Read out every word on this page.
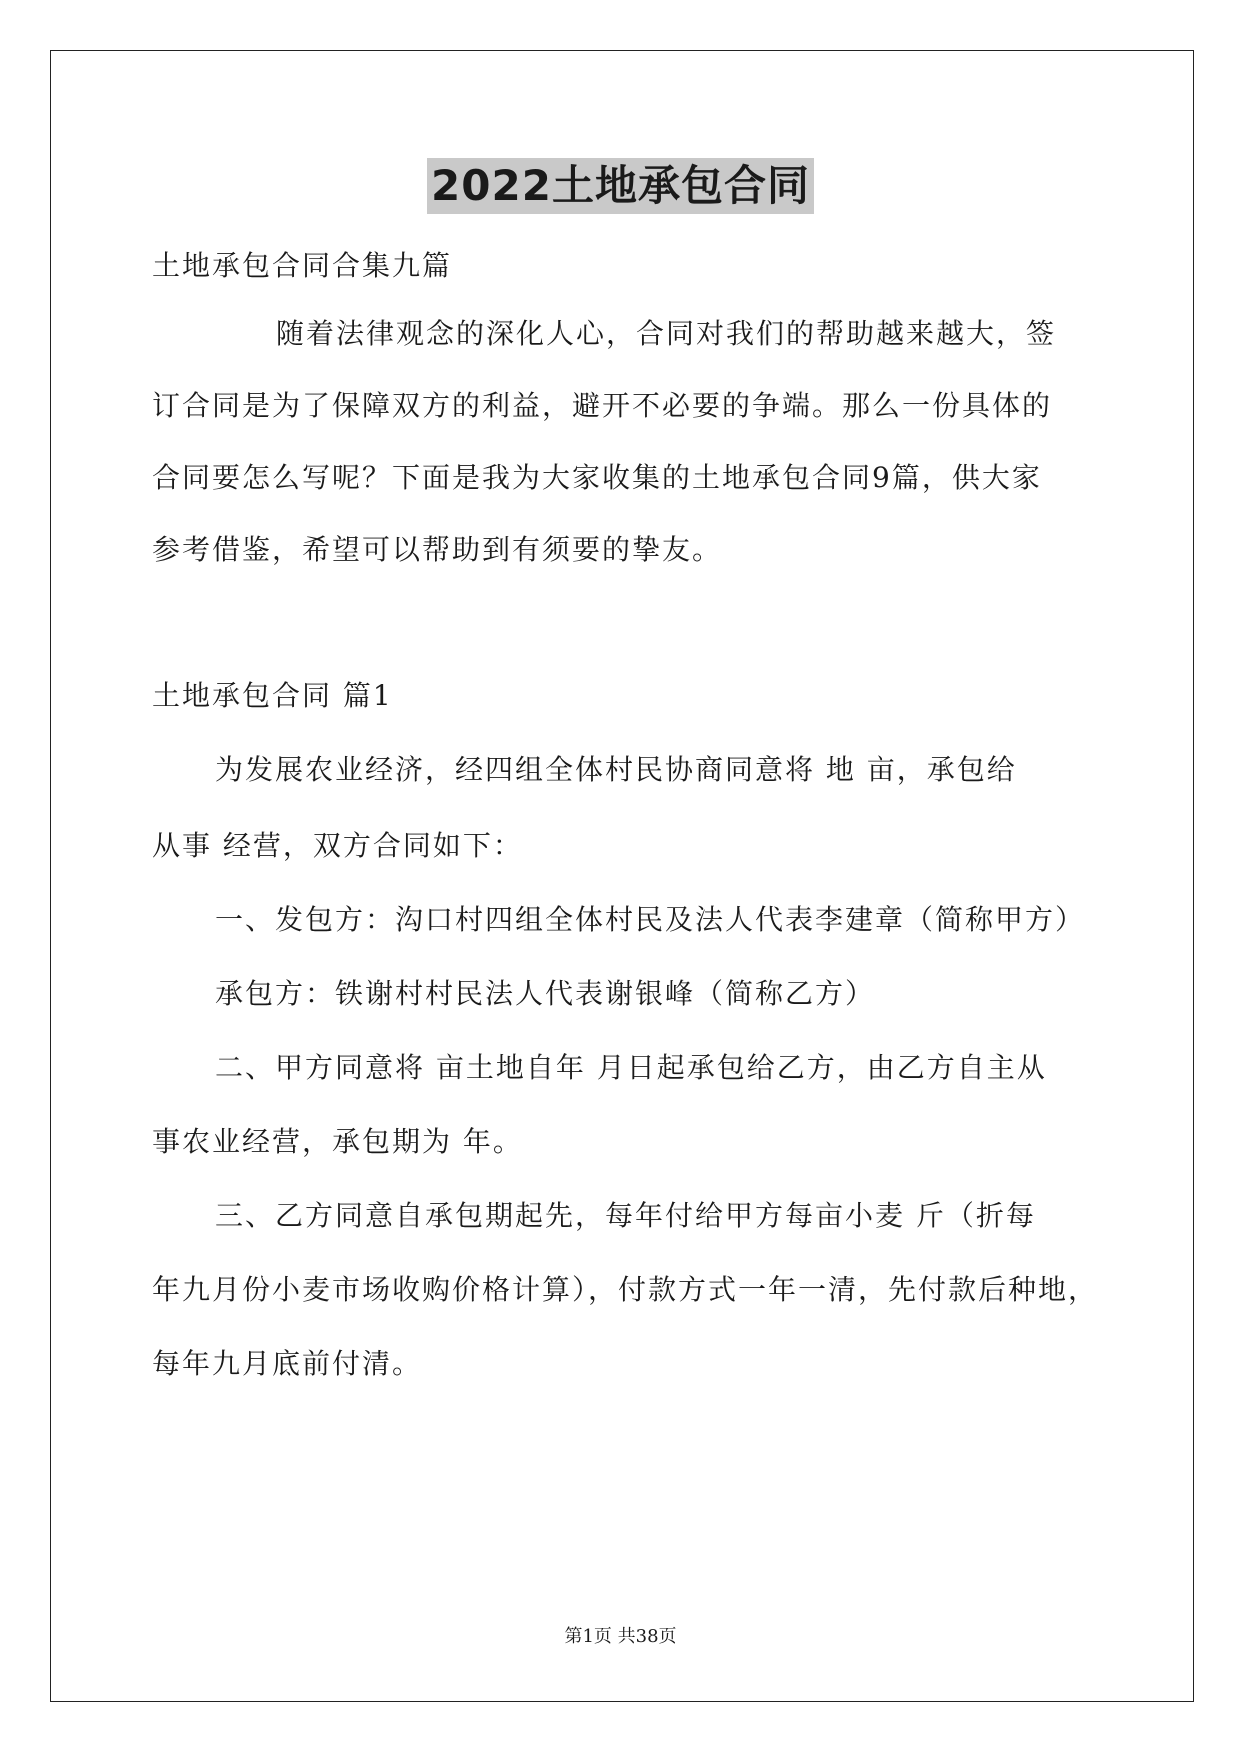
2022土地承包合同
土地承包合同合集九篇
随着法律观念的深化人心，合同对我们的帮助越来越大，签
订合同是为了保障双方的利益，避开不必要的争端。那么一份具体的
合同要怎么写呢？下面是我为大家收集的土地承包合同9篇，供大家
参考借鉴，希望可以帮助到有须要的挚友。
土地承包合同 篇1
为发展农业经济，经四组全体村民协商同意将 地 亩，承包给
从事 经营，双方合同如下：
一、发包方：沟口村四组全体村民及法人代表李建章（简称甲方）
承包方：铁谢村村民法人代表谢银峰（简称乙方）
二、甲方同意将 亩土地自年 月日起承包给乙方，由乙方自主从
事农业经营，承包期为 年。
三、乙方同意自承包期起先，每年付给甲方每亩小麦 斤（折每
年九月份小麦市场收购价格计算），付款方式一年一清，先付款后种地，
每年九月底前付清。
第1页 共38页
